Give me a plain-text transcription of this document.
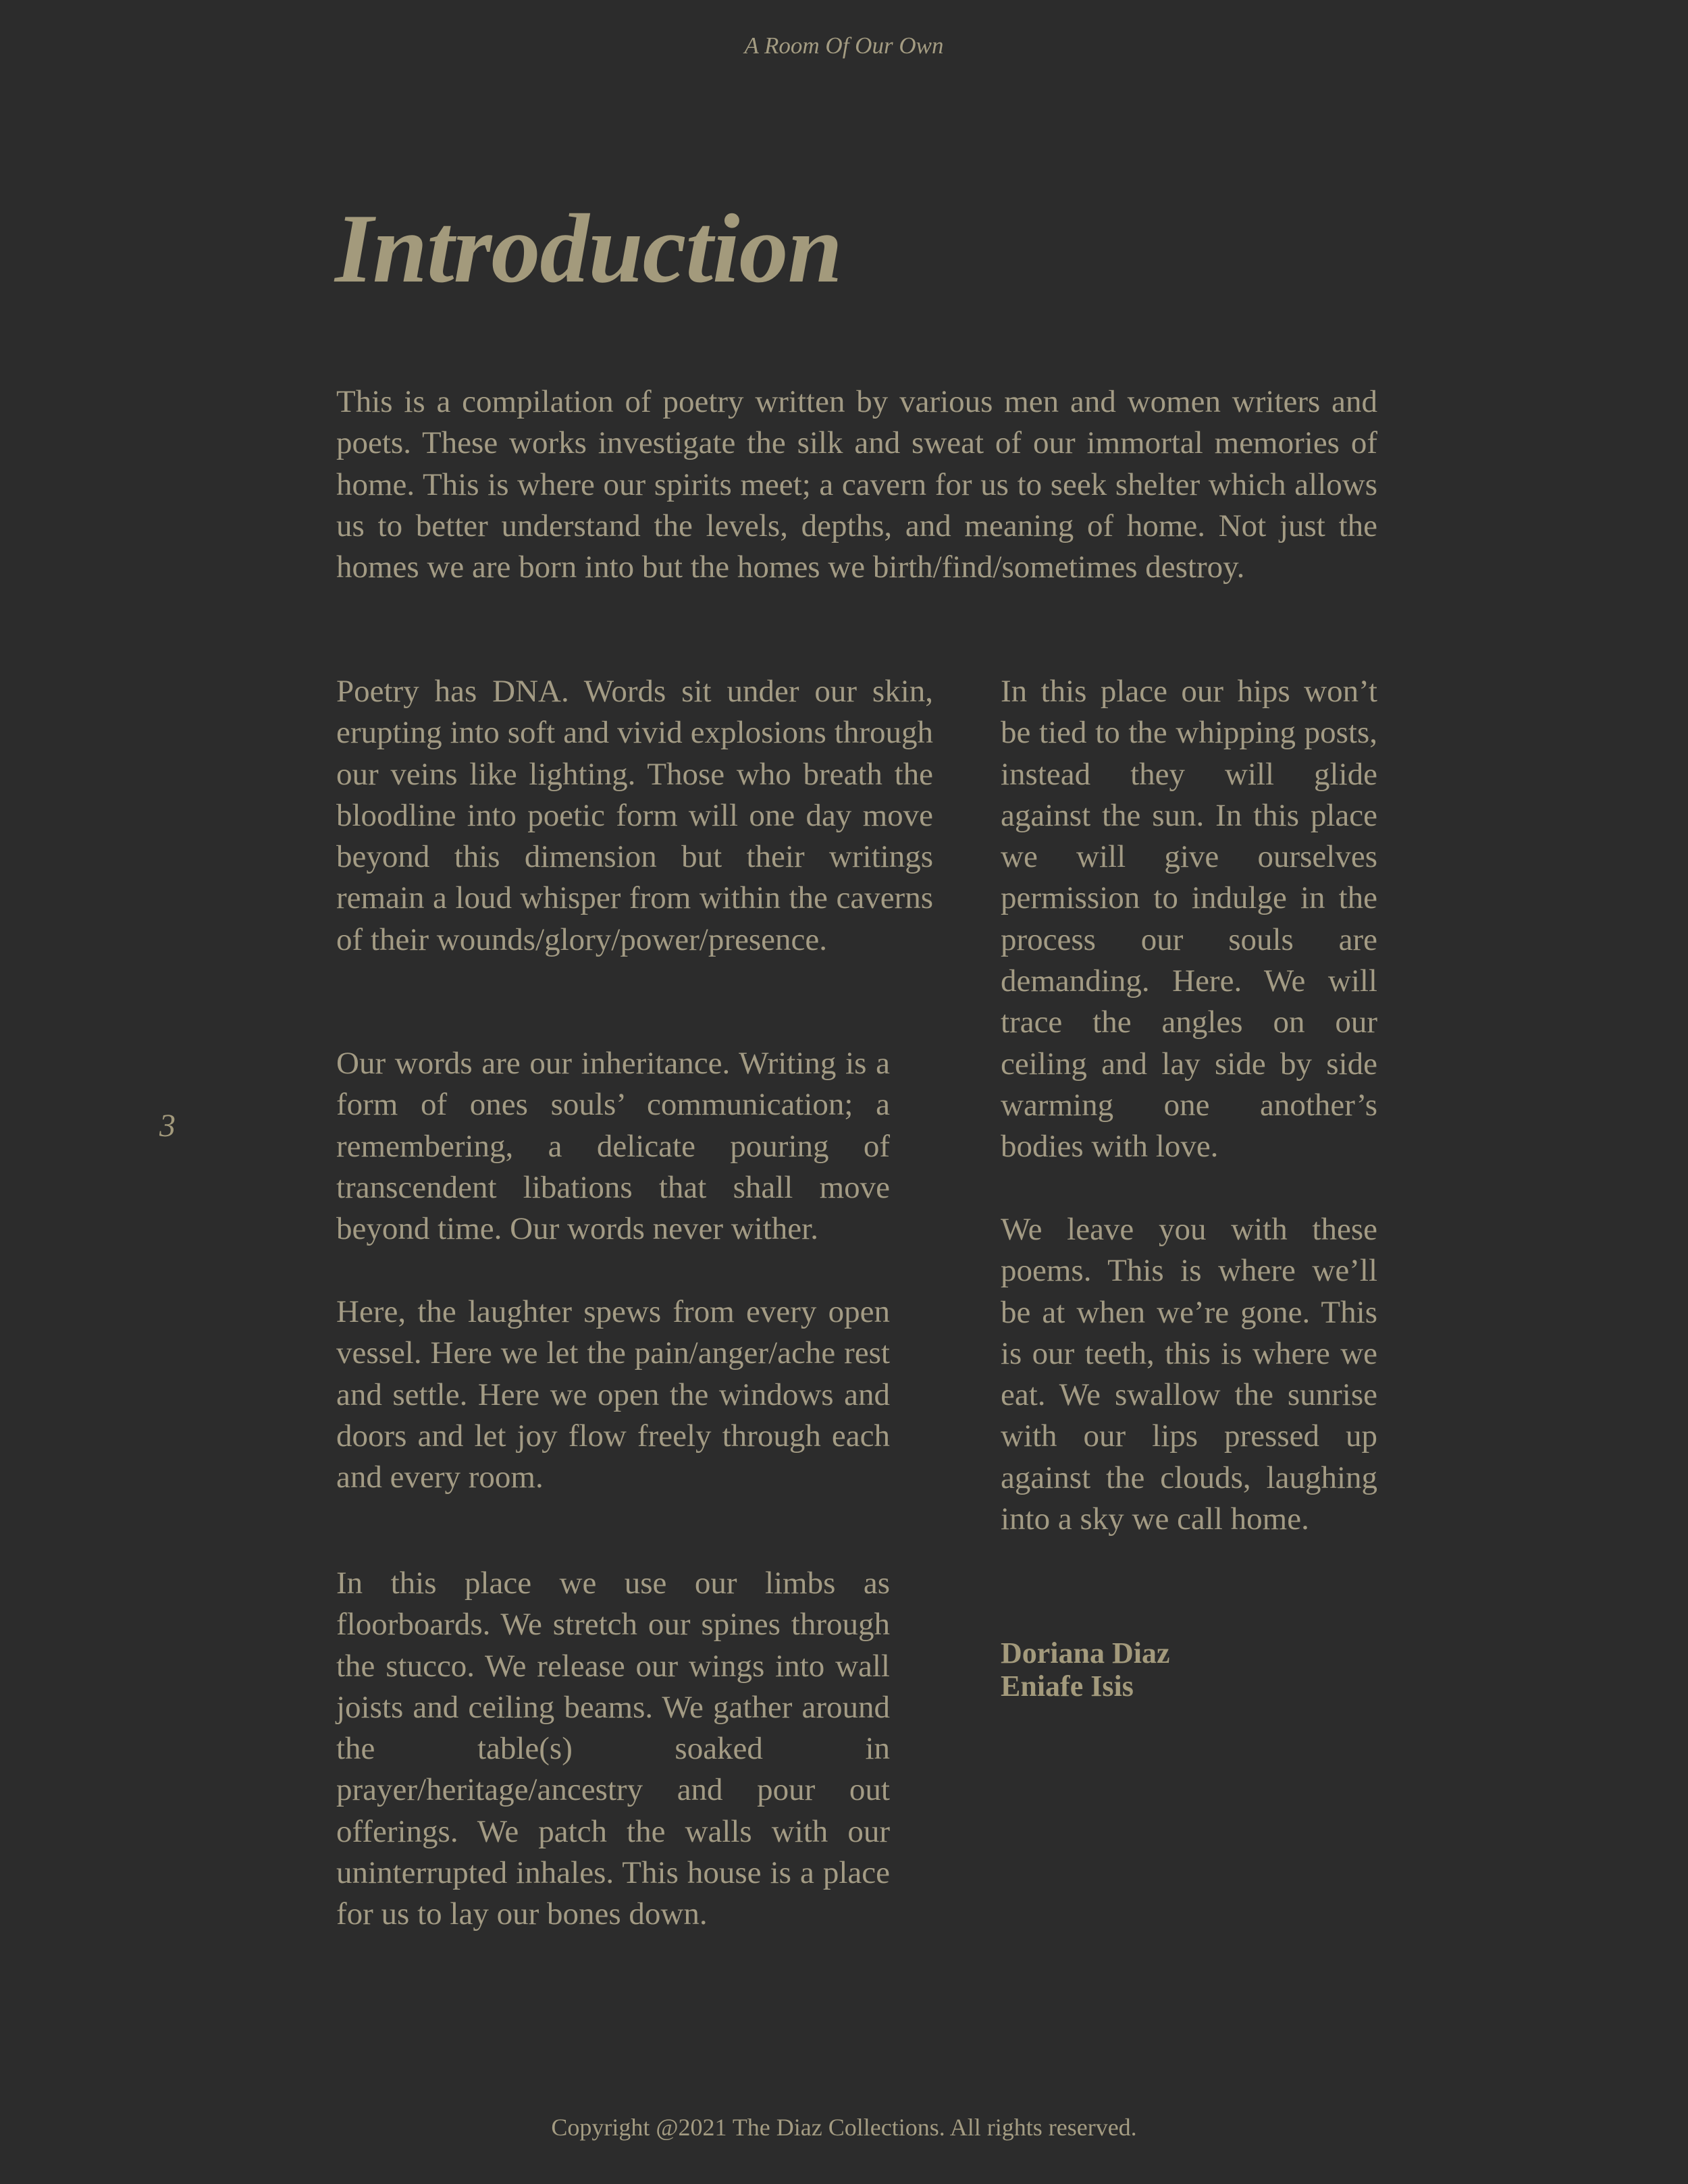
A Room Of Our Own
Introduction

This is a compilation of poetry written by various men and women writers and poets. These works investigate the silk and sweat of our immortal memories of home. This is where our spirits meet; a cavern for us to seek shelter which allows us to better understand the levels, depths, and meaning of home. Not just the homes we are born into but the homes we birth/find/sometimes destroy.

Poetry has DNA. Words sit under our skin, erupting into soft and vivid explosions through our veins like lighting. Those who breath the bloodline into poetic form will one day move beyond this dimension but their writings remain a loud whisper from within the caverns of their wounds/glory/power/presence.

Our words are our inheritance. Writing is a form of ones souls’ communication; a remembering, a delicate pouring of transcendent libations that shall move beyond time. Our words never wither.

Here, the laughter spews from every open vessel. Here we let the pain/anger/ache rest and settle. Here we open the windows and doors and let joy flow freely through each and every room.

In this place we use our limbs as floorboards. We stretch our spines through the stucco. We release our wings into wall joists and ceiling beams. We gather around the table(s) soaked in prayer/heritage/ancestry and pour out offerings. We patch the walls with our uninterrupted inhales. This house is a place for us to lay our bones down.

In this place our hips won’t be tied to the whipping posts, instead they will glide against the sun. In this place we will give ourselves permission to indulge in the process our souls are demanding. Here. We will trace the angles on our ceiling and lay side by side warming one another’s bodies with love.

We leave you with these poems. This is where we’ll be at when we’re gone. This is our teeth, this is where we eat. We swallow the sunrise with our lips pressed up against the clouds, laughing into a sky we call home.

Doriana Diaz
Eniafe Isis
3
Copyright @2021 The Diaz Collections. All rights reserved.
